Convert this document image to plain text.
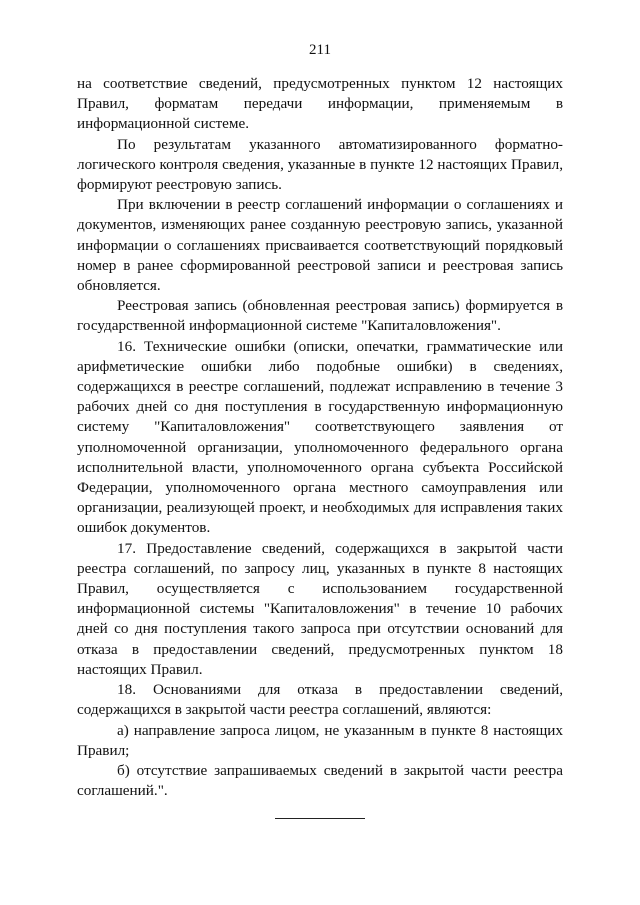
211

на соответствие сведений, предусмотренных пунктом 12 настоящих Правил, форматам передачи информации, применяемым в информационной системе.

По результатам указанного автоматизированного форматно-логического контроля сведения, указанные в пункте 12 настоящих Правил, формируют реестровую запись.

При включении в реестр соглашений информации о соглашениях и документов, изменяющих ранее созданную реестровую запись, указанной информации о соглашениях присваивается соответствующий порядковый номер в ранее сформированной реестровой записи и реестровая запись обновляется.

Реестровая запись (обновленная реестровая запись) формируется в государственной информационной системе "Капиталовложения".

16. Технические ошибки (описки, опечатки, грамматические или арифметические ошибки либо подобные ошибки) в сведениях, содержащихся в реестре соглашений, подлежат исправлению в течение 3 рабочих дней со дня поступления в государственную информационную систему "Капиталовложения" соответствующего заявления от уполномоченной организации, уполномоченного федерального органа исполнительной власти, уполномоченного органа субъекта Российской Федерации, уполномоченного органа местного самоуправления или организации, реализующей проект, и необходимых для исправления таких ошибок документов.

17. Предоставление сведений, содержащихся в закрытой части реестра соглашений, по запросу лиц, указанных в пункте 8 настоящих Правил, осуществляется с использованием государственной информационной системы "Капиталовложения" в течение 10 рабочих дней со дня поступления такого запроса при отсутствии оснований для отказа в предоставлении сведений, предусмотренных пунктом 18 настоящих Правил.

18. Основаниями для отказа в предоставлении сведений, содержащихся в закрытой части реестра соглашений, являются:

а) направление запроса лицом, не указанным в пункте 8 настоящих Правил;

б) отсутствие запрашиваемых сведений в закрытой части реестра соглашений.".
